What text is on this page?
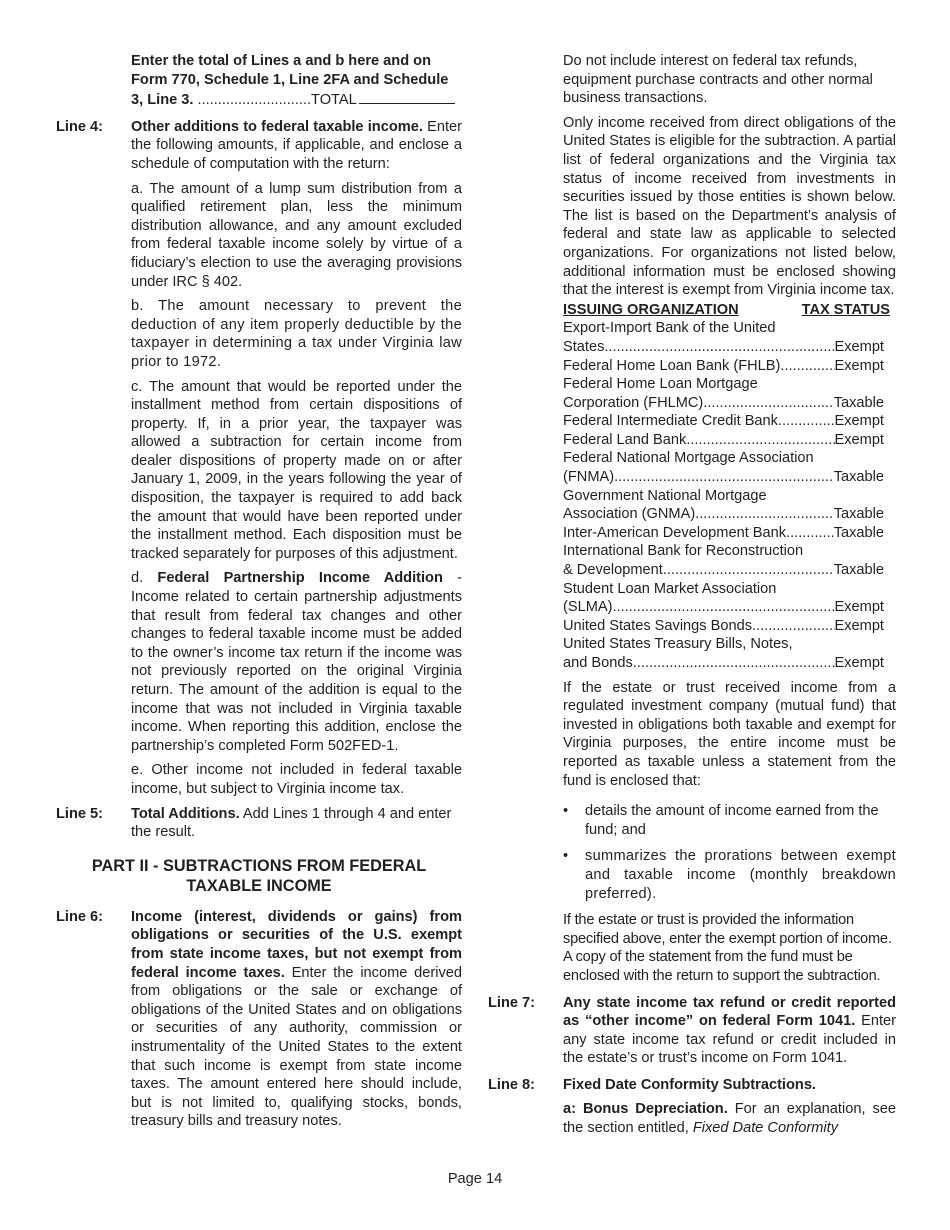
Enter the total of Lines a and b here and on Form 770, Schedule 1, Line 2FA and Schedule 3, Line 3. ............................TOTAL

Line 4:	Other additions to federal taxable income. Enter the following amounts, if applicable, and enclose a schedule of computation with the return:

a. The amount of a lump sum distribution from a qualified retirement plan, less the minimum distribution allowance, and any amount excluded from federal taxable income solely by virtue of a fiduciary’s election to use the averaging provisions under IRC § 402.

b. The amount necessary to prevent the deduction of any item properly deductible by the taxpayer in determining a tax under Virginia law prior to 1972.

c. The amount that would be reported under the installment method from certain dispositions of property. If, in a prior year, the taxpayer was allowed a subtraction for certain income from dealer dispositions of property made on or after January 1, 2009, in the years following the year of disposition, the taxpayer is required to add back the amount that would have been reported under the installment method. Each disposition must be tracked separately for purposes of this adjustment.

d. Federal Partnership Income Addition - Income related to certain partnership adjustments that result from federal tax changes and other changes to federal taxable income must be added to the owner’s income tax return if the income was not previously reported on the original Virginia return. The amount of the addition is equal to the income that was not included in Virginia taxable income. When reporting this addition, enclose the partnership’s completed Form 502FED-1.

e. Other income not included in federal taxable income, but subject to Virginia income tax.

Line 5:	Total Additions. Add Lines 1 through 4 and enter the result.
PART II - SUBTRACTIONS FROM FEDERAL TAXABLE INCOME
Line 6:	Income (interest, dividends or gains) from obligations or securities of the U.S. exempt from state income taxes, but not exempt from federal income taxes. Enter the income derived from obligations or the sale or exchange of obligations of the United States and on obligations or securities of any authority, commission or instrumentality of the United States to the extent that such income is exempt from state income taxes. The amount entered here should include, but is not limited to, qualifying stocks, bonds, treasury bills and treasury notes.

Do not include interest on federal tax refunds, equipment purchase contracts and other normal business transactions.

Only income received from direct obligations of the United States is eligible for the subtraction. A partial list of federal organizations and the Virginia tax status of income received from investments in securities issued by those entities is shown below. The list is based on the Department’s analysis of federal and state law as applicable to selected organizations. For organizations not listed below, additional information must be enclosed showing that the interest is exempt from Virginia income tax.

ISSUING ORGANIZATION	TAX STATUS
Export-Import Bank of the United
States .....	Exempt
Federal Home Loan Bank (FHLB) .....	Exempt
Federal Home Loan Mortgage
Corporation (FHLMC) .....	Taxable
Federal Intermediate Credit Bank .....	Exempt
Federal Land Bank .....	Exempt
Federal National Mortgage Association
(FNMA) .....	Taxable
Government National Mortgage
Association (GNMA) .....	Taxable
Inter-American Development Bank .....	Taxable
International Bank for Reconstruction
& Development .....	Taxable
Student Loan Market Association
(SLMA) .....	Exempt
United States Savings Bonds .....	Exempt
United States Treasury Bills, Notes,
and Bonds .....	Exempt

If the estate or trust received income from a regulated investment company (mutual fund) that invested in obligations both taxable and exempt for Virginia purposes, the entire income must be reported as taxable unless a statement from the fund is enclosed that:

•	details the amount of income earned from the fund; and
•	summarizes the prorations between exempt and taxable income (monthly breakdown preferred).

If the estate or trust is provided the information specified above, enter the exempt portion of income. A copy of the statement from the fund must be enclosed with the return to support the subtraction.

Line 7:	Any state income tax refund or credit reported as “other income” on federal Form 1041. Enter any state income tax refund or credit included in the estate’s or trust’s income on Form 1041.
Line 8:	Fixed Date Conformity Subtractions.

a: Bonus Depreciation. For an explanation, see the section entitled, Fixed Date Conformity

Page 14
